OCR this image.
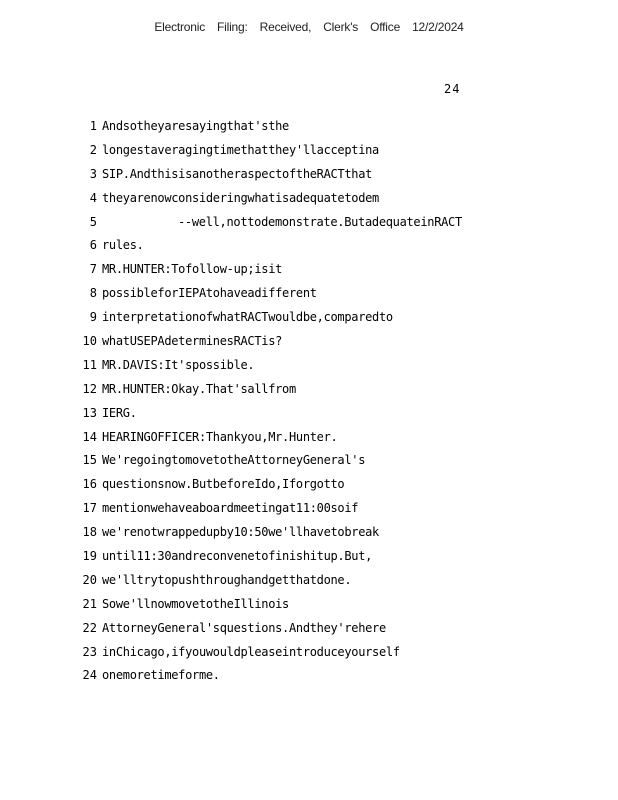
Electronic Filing: Received, Clerk's Office 12/2/2024
24
1 Andsotheyaresayingthat'sthe
2 longestaveragingtimethatthey'llacceptina
3 SIP.AndthisisanotheraspectoftheRACTthat
4 theyarenowconsideringwhatisadequatetodem
5	--well,nottodemonstrate.ButadequateinRACT
6 rules.
7 MR.HUNTER:Tofollow-up;isit
8 possibleforIEPAtohaveadifferent
9 interpretationofwhatRACTwouldbe,comparedto
10 whatUSEPAdeterminesRACTis?
11 MR.DAVIS:It'spossible.
12 MR.HUNTER:Okay.That'sallfrom
13 IERG.
14 HEARINGOFFICER:Thankyou,Mr.Hunter.
15 We'regoingtomovetotheAttorneyGeneral's
16 questionsnow.ButbeforeIdo,Iforgotto
17 mentionwehaveaboardmeetingat11:00soif
18 we'renotwrappedupby10:50we'llhavetobreak
19 until11:30andreconvenetofinishitup.But,
20 we'lltrytopushthroughandgetthatdone.
21 Sowe'llnowmovetotheIllinois
22 AttorneyGeneral'squestions.Andthey'rehere
23 inChicago,ifyouwouldpleaseintroduceyourself
24 onemoretimeforme.
